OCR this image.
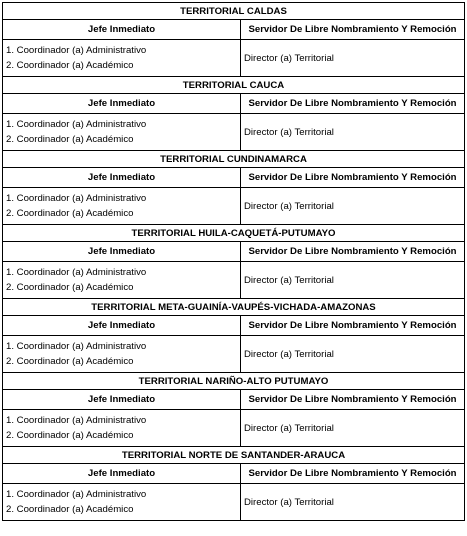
TERRITORIAL CALDAS	
Jefe Inmediato	Servidor De Libre Nombramiento Y Remoción

1. Coordinador (a) Administrativo
2. Coordinador (a) Académico	Director (a) Territorial
TERRITORIAL CAUCA	
Jefe Inmediato	Servidor De Libre Nombramiento Y Remoción

1. Coordinador (a) Administrativo
2. Coordinador (a) Académico	Director (a) Territorial
TERRITORIAL CUNDINAMARCA	
Jefe Inmediato	Servidor De Libre Nombramiento Y Remoción

1. Coordinador (a) Administrativo
2. Coordinador (a) Académico	Director (a) Territorial
TERRITORIAL HUILA-CAQUETÁ-PUTUMAYO	
Jefe Inmediato	Servidor De Libre Nombramiento Y Remoción

1. Coordinador (a) Administrativo
2. Coordinador (a) Académico	Director (a) Territorial
TERRITORIAL META-GUAINÍA-VAUPÉS-VICHADA-AMAZONAS	
Jefe Inmediato	Servidor De Libre Nombramiento Y Remoción

1. Coordinador (a) Administrativo
2. Coordinador (a) Académico	Director (a) Territorial
TERRITORIAL NARIÑO-ALTO PUTUMAYO	
Jefe Inmediato	Servidor De Libre Nombramiento Y Remoción

1. Coordinador (a) Administrativo
2. Coordinador (a) Académico	Director (a) Territorial
TERRITORIAL NORTE DE SANTANDER-ARAUCA	
Jefe Inmediato	Servidor De Libre Nombramiento Y Remoción

1. Coordinador (a) Administrativo
2. Coordinador (a) Académico	Director (a) Territorial
